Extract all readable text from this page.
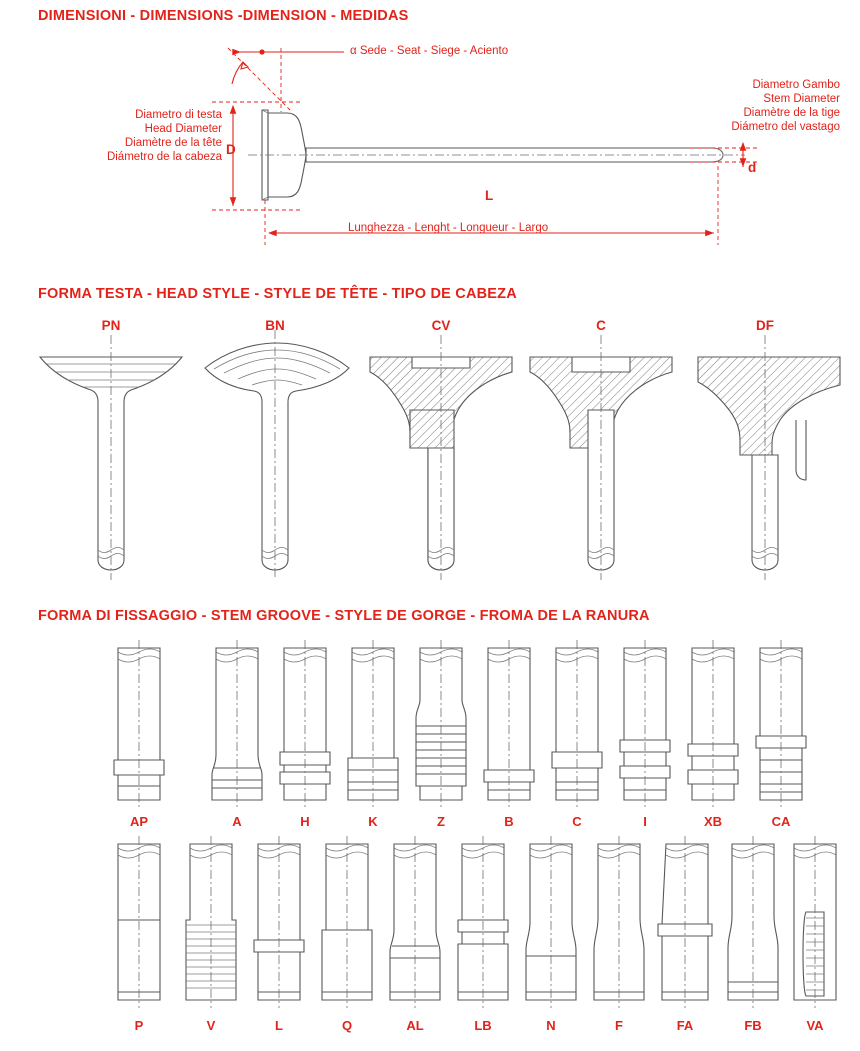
DIMENSIONI - DIMENSIONS -DIMENSION - MEDIDAS
FORMA TESTA - HEAD STYLE - STYLE DE TÊTE - TIPO DE CABEZA
FORMA DI FISSAGGIO - STEM GROOVE - STYLE DE GORGE - FROMA DE LA RANURA
α Sede - Seat - Siege - Aciento
Diametro di testa
Head Diameter
Diamètre de la tête
Diámetro de la cabeza
Diametro Gambo
Stem Diameter
Diamètre de la tige
Diámetro del vastago
D
d
L
Lunghezza - Lenght - Longueur - Largo
PN	BN	CV	C	DF
AP	A	H	K	Z	B	C	I	XB	CA
P	V	L	Q	AL	LB	N	F	FA	FB	VA
